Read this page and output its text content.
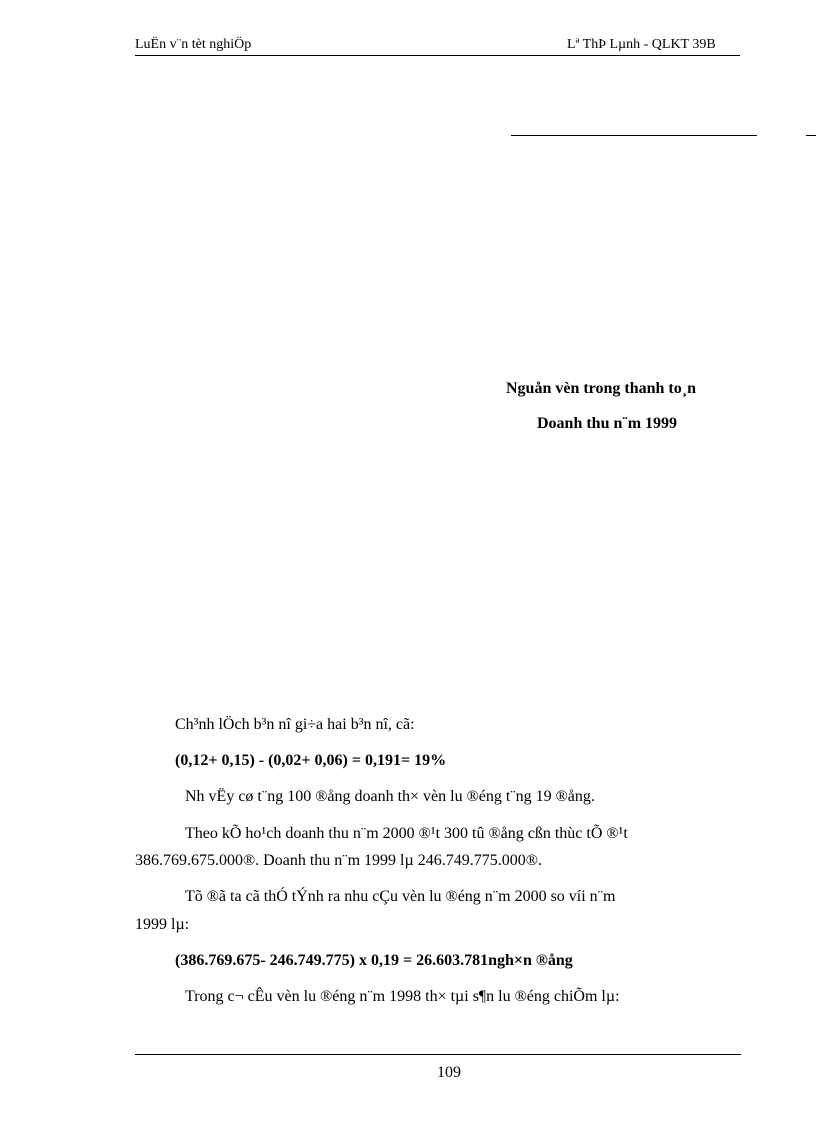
LuËn v¨n tèt nghiÖp	Lª ThÞ Lµnh - QLKT 39B
Nguån vèn trong thanh to¸n
Doanh thu n¨m 1999
Ch³nh lÖch b³n nî gi÷a hai b³n nî, cã:
(0,12+ 0,15) - (0,02+ 0,06) = 0,191= 19%
Nh vËy cø t¨ng 100 ®ång doanh th× vèn lu ®éng t¨ng 19 ®ång.
Theo kÕ ho¹ch doanh thu n¨m 2000 ®¹t 300 tû ®ång cßn thùc tÕ ®¹t
386.769.675.000®. Doanh thu n¨m 1999 lµ 246.749.775.000®.
Tõ ®ã ta cã thÓ tÝnh ra nhu cÇu vèn lu ®éng n¨m 2000 so víi n¨m
1999 lµ:
(386.769.675- 246.749.775) x 0,19 = 26.603.781ngh×n ®ång
Trong c¬ cÊu vèn lu ®éng n¨m 1998 th× tµi s¶n lu ®éng chiÕm lµ:
109
